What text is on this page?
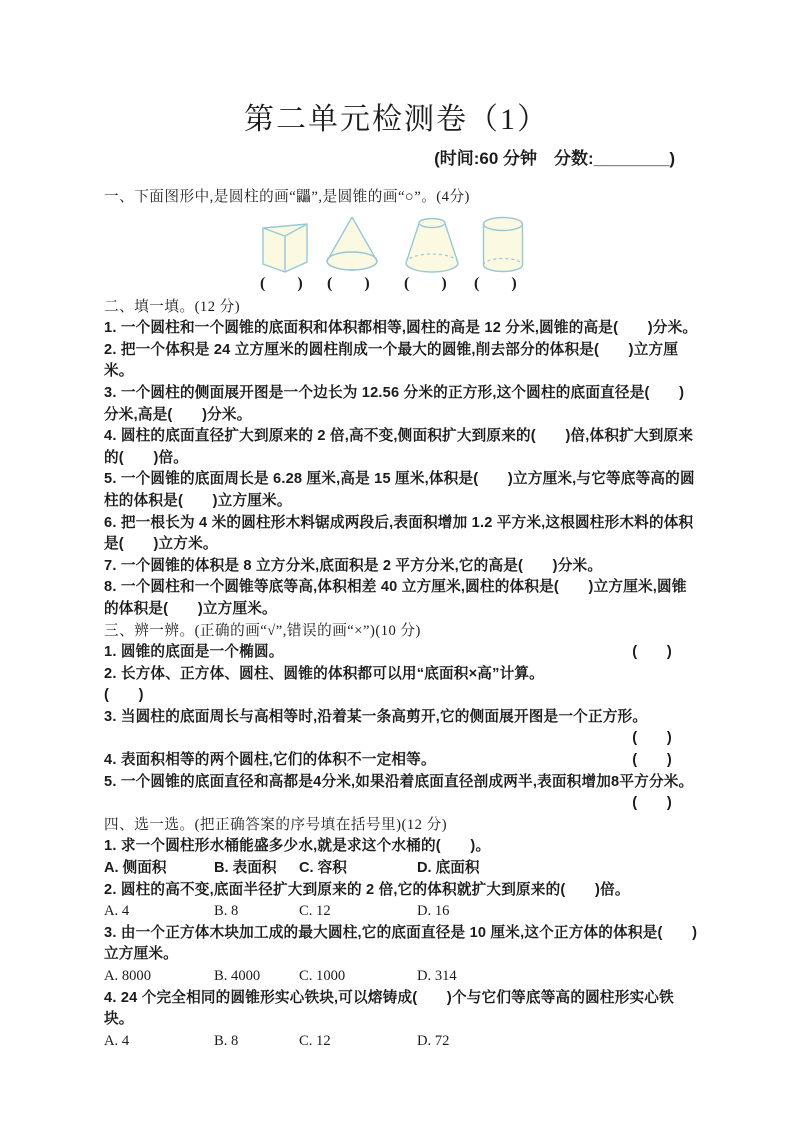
第二单元检测卷（1）
(时间:60 分钟　分数:________)
一、下面图形中,是圆柱的画“鼺”,是圆锥的画“○”。(4分)
(　　) (　　) (　　) (　　)
二、填一填。(12 分)
1. 一个圆柱和一个圆锥的底面积和体积都相等,圆柱的高是 12 分米,圆锥的高是(　　)分米。
2. 把一个体积是 24 立方厘米的圆柱削成一个最大的圆锥,削去部分的体积是(　　)立方厘米。
3. 一个圆柱的侧面展开图是一个边长为 12.56 分米的正方形,这个圆柱的底面直径是(　　)分米,高是(　　)分米。
4. 圆柱的底面直径扩大到原来的 2 倍,高不变,侧面积扩大到原来的(　　)倍,体积扩大到原来的(　　)倍。
5. 一个圆锥的底面周长是 6.28 厘米,高是 15 厘米,体积是(　　)立方厘米,与它等底等高的圆柱的体积是(　　)立方厘米。
6. 把一根长为 4 米的圆柱形木料锯成两段后,表面积增加 1.2 平方米,这根圆柱形木料的体积是(　　)立方米。
7. 一个圆锥的体积是 8 立方分米,底面积是 2 平方分米,它的高是(　　)分米。
8. 一个圆柱和一个圆锥等底等高,体积相差 40 立方厘米,圆柱的体积是(　　)立方厘米,圆锥的体积是(　　)立方厘米。
三、辨一辨。(正确的画“√”,错误的画“×”)(10 分)
1. 圆锥的底面是一个椭圆。	(　　)
2. 长方体、正方体、圆柱、圆锥的体积都可以用“底面积×高”计算。
(　　)
3. 当圆柱的底面周长与高相等时,沿着某一条高剪开,它的侧面展开图是一个正方形。
(　　)
4. 表面积相等的两个圆柱,它们的体积不一定相等。	(　　)
5. 一个圆锥的底面直径和高都是4分米,如果沿着底面直径剖成两半,表面积增加8平方分米。
(　　)
四、选一选。(把正确答案的序号填在括号里)(12 分)
1. 求一个圆柱形水桶能盛多少水,就是求这个水桶的(　　)。
A. 侧面积	B. 表面积	C. 容积	D. 底面积
2. 圆柱的高不变,底面半径扩大到原来的 2 倍,它的体积就扩大到原来的(　　)倍。
A. 4	B. 8	C. 12	D. 16
3. 由一个正方体木块加工成的最大圆柱,它的底面直径是 10 厘米,这个正方体的体积是(　　)立方厘米。
A. 8000	B. 4000	C. 1000	D. 314
4. 24 个完全相同的圆锥形实心铁块,可以熔铸成(　　)个与它们等底等高的圆柱形实心铁块。
A. 4	B. 8	C. 12	D. 72
